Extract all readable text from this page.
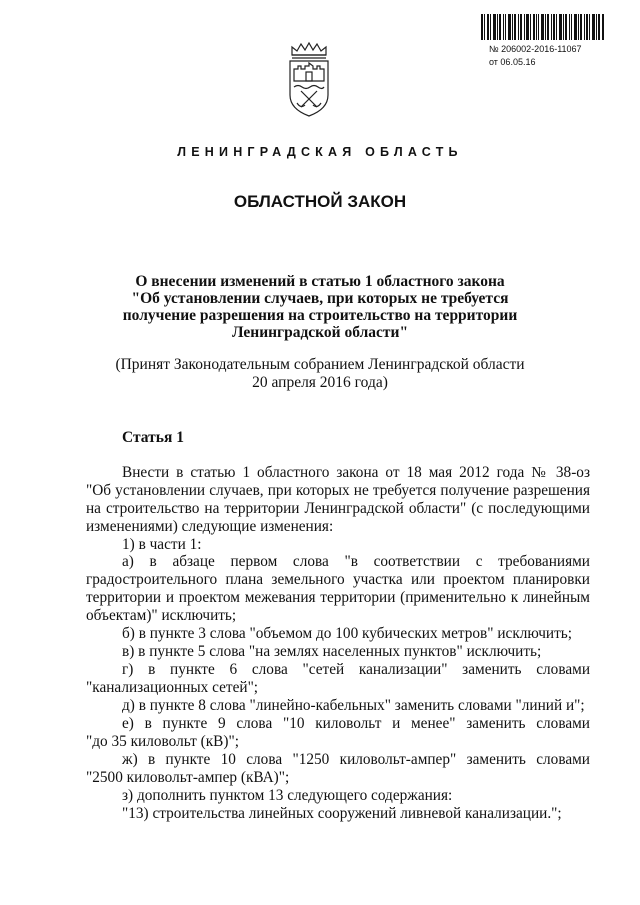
№ 206002-2016-11067
от 06.05.16
ЛЕНИНГРАДСКАЯ ОБЛАСТЬ
ОБЛАСТНОЙ ЗАКОН
О внесении изменений в статью 1 областного закона
"Об установлении случаев, при которых не требуется
получение разрешения на строительство на территории
Ленинградской области"
(Принят Законодательным собранием Ленинградской области
20 апреля 2016 года)
Статья 1
Внести в статью 1 областного закона от 18 мая 2012 года № 38-оз
"Об установлении случаев, при которых не требуется получение разрешения
на строительство на территории Ленинградской области" (с последующими
изменениями) следующие изменения:
1) в части 1:
а) в абзаце первом слова "в соответствии с требованиями
градостроительного плана земельного участка или проектом планировки
территории и проектом межевания территории (применительно к линейным
объектам)" исключить;
б) в пункте 3 слова "объемом до 100 кубических метров" исключить;
в) в пункте 5 слова "на землях населенных пунктов" исключить;
г) в пункте 6 слова "сетей канализации" заменить словами
"канализационных сетей";
д) в пункте 8 слова "линейно-кабельных" заменить словами "линий и";
е) в пункте 9 слова "10 киловольт и менее" заменить словами
"до 35 киловольт (кВ)";
ж) в пункте 10 слова "1250 киловольт-ампер" заменить словами
"2500 киловольт-ампер (кВА)";
з) дополнить пунктом 13 следующего содержания:
"13) строительства линейных сооружений ливневой канализации.";
